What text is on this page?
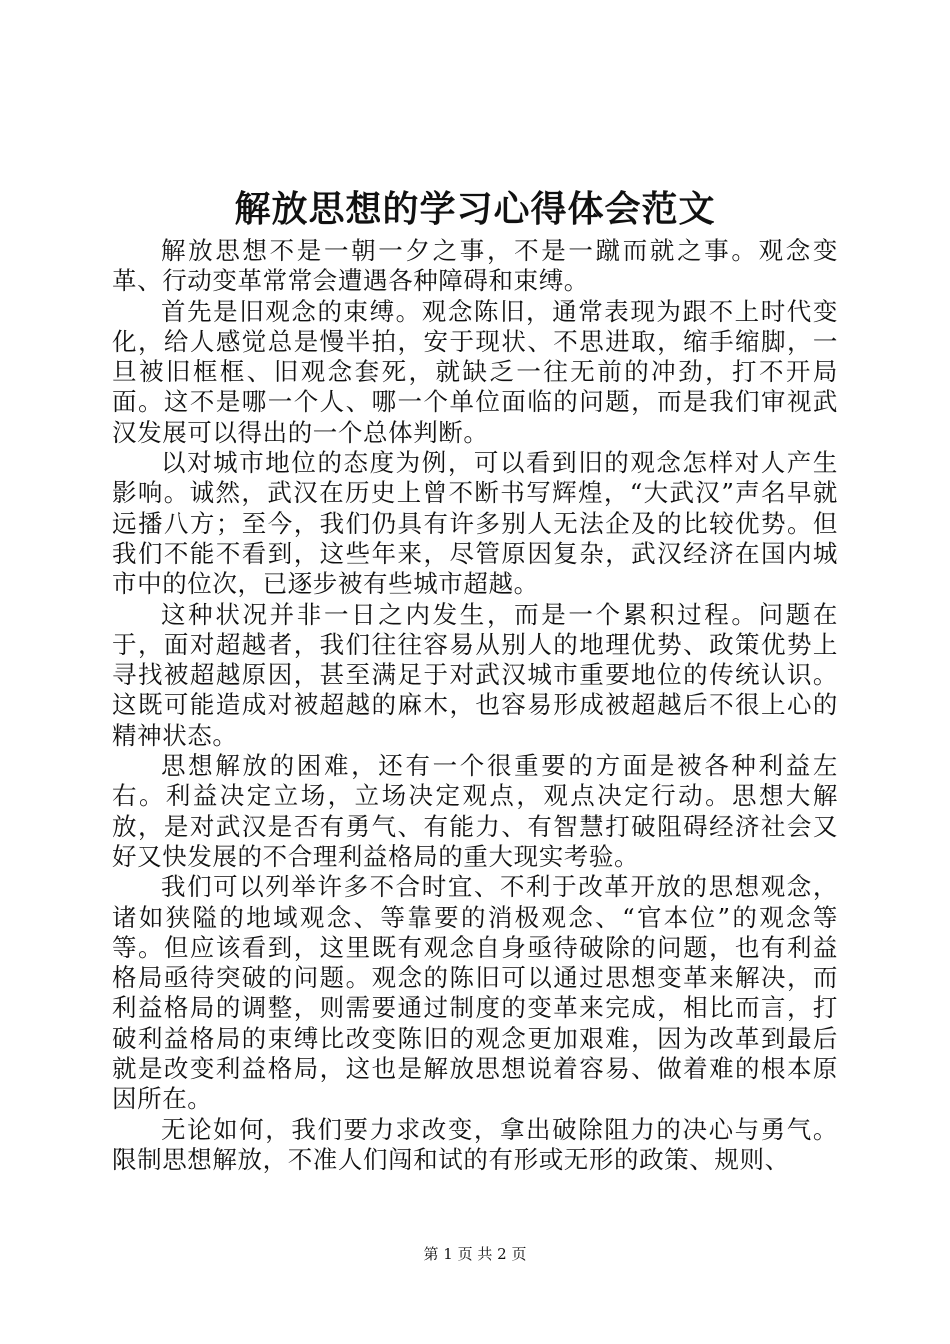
解放思想的学习心得体会范文

解放思想不是一朝一夕之事，不是一蹴而就之事。观念变革、行动变革常常会遭遇各种障碍和束缚。

首先是旧观念的束缚。观念陈旧，通常表现为跟不上时代变化，给人感觉总是慢半拍，安于现状、不思进取，缩手缩脚，一旦被旧框框、旧观念套死，就缺乏一往无前的冲劲，打不开局面。这不是哪一个人、哪一个单位面临的问题，而是我们审视武汉发展可以得出的一个总体判断。

以对城市地位的态度为例，可以看到旧的观念怎样对人产生影响。诚然，武汉在历史上曾不断书写辉煌，“大武汉”声名早就远播八方；至今，我们仍具有许多别人无法企及的比较优势。但我们不能不看到，这些年来，尽管原因复杂，武汉经济在国内城市中的位次，已逐步被有些城市超越。

这种状况并非一日之内发生，而是一个累积过程。问题在于，面对超越者，我们往往容易从别人的地理优势、政策优势上寻找被超越原因，甚至满足于对武汉城市重要地位的传统认识。这既可能造成对被超越的麻木，也容易形成被超越后不很上心的精神状态。

思想解放的困难，还有一个很重要的方面是被各种利益左右。利益决定立场，立场决定观点，观点决定行动。思想大解放，是对武汉是否有勇气、有能力、有智慧打破阻碍经济社会又好又快发展的不合理利益格局的重大现实考验。

我们可以列举许多不合时宜、不利于改革开放的思想观念，诸如狭隘的地域观念、等靠要的消极观念、“官本位”的观念等等。但应该看到，这里既有观念自身亟待破除的问题，也有利益格局亟待突破的问题。观念的陈旧可以通过思想变革来解决，而利益格局的调整，则需要通过制度的变革来完成，相比而言，打破利益格局的束缚比改变陈旧的观念更加艰难，因为改革到最后就是改变利益格局，这也是解放思想说着容易、做着难的根本原因所在。

无论如何，我们要力求改变，拿出破除阻力的决心与勇气。限制思想解放，不准人们闯和试的有形或无形的政策、规则、

第 1 页 共 2 页
